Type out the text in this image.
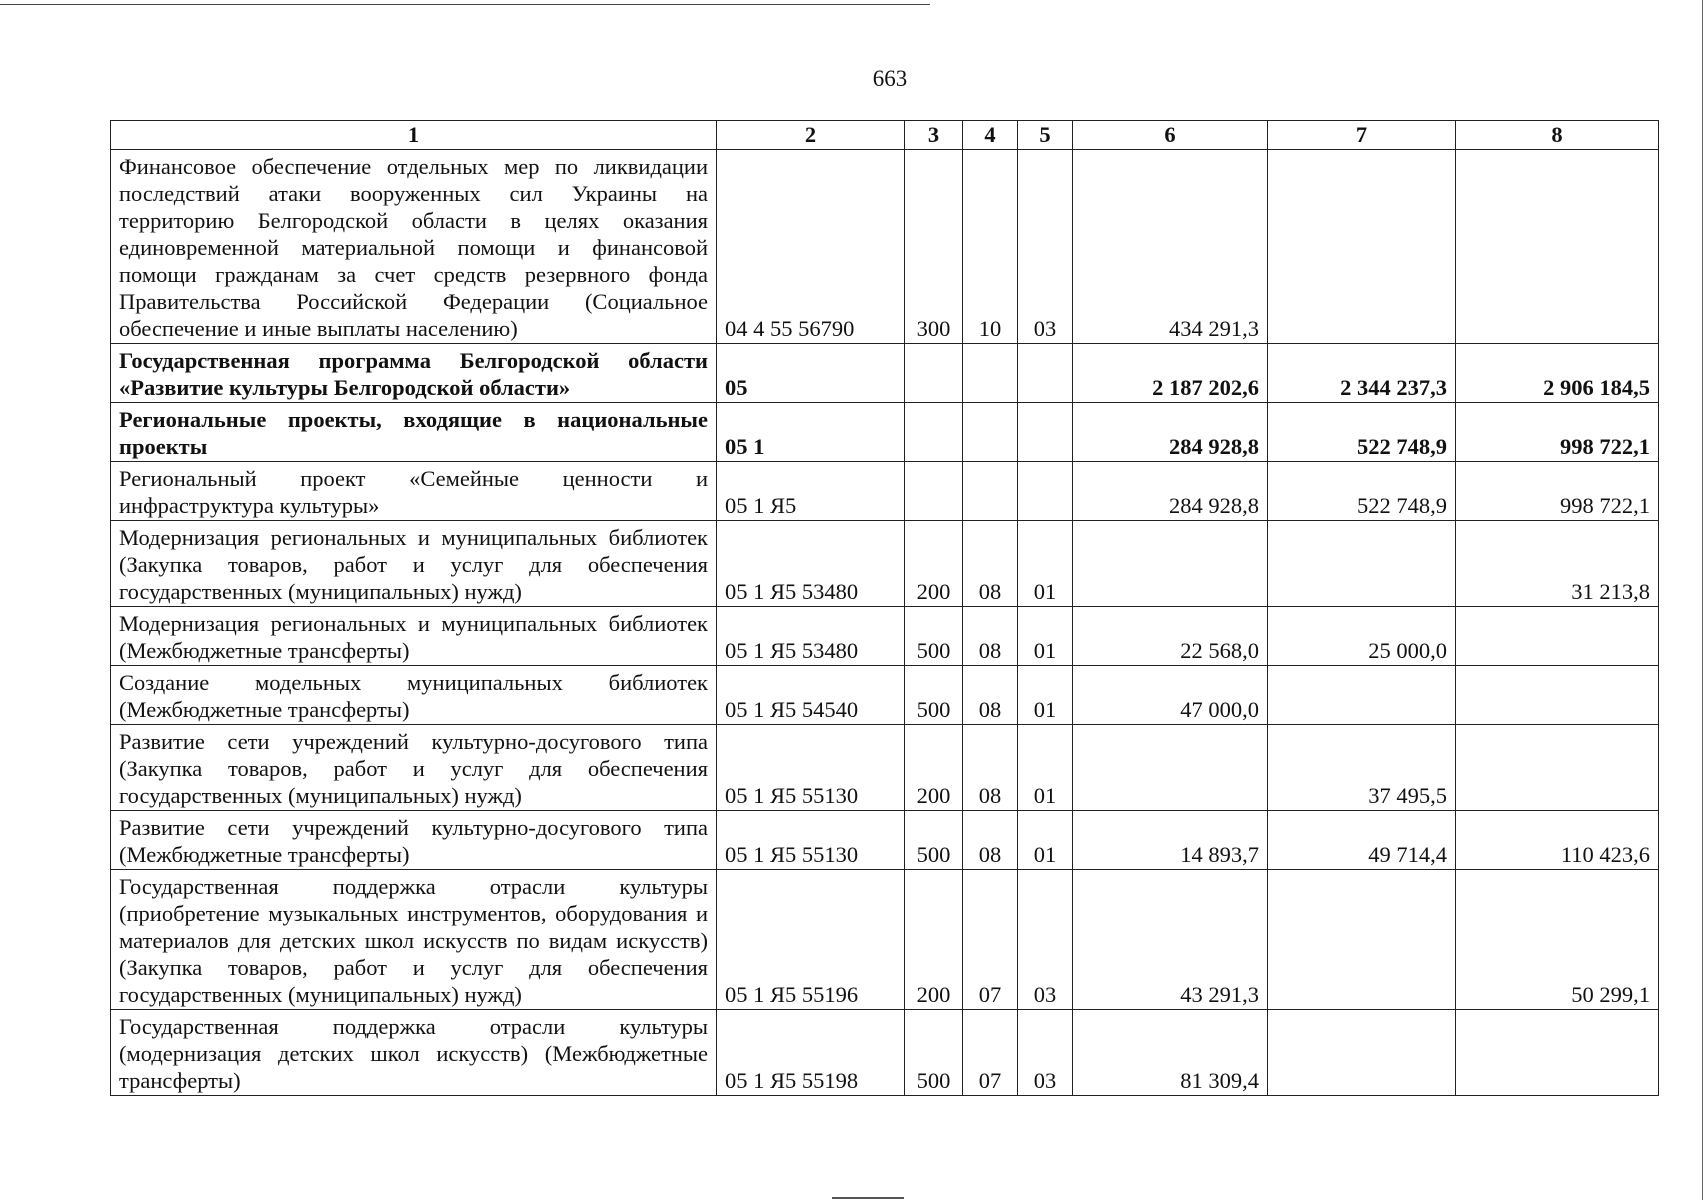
663
1	2	3	4	5	6	7	8
Финансовое обеспечение отдельных мер по ликвидации последствий атаки вооруженных сил Украины на территорию Белгородской области в целях оказания единовременной материальной помощи и финансовой помощи гражданам за счет средств резервного фонда Правительства Российской Федерации (Социальное обеспечение и иные выплаты населению)	04 4 55 56790	300	10	03	434 291,3		
Государственная программа Белгородской области «Развитие культуры Белгородской области»	05				2 187 202,6	2 344 237,3	2 906 184,5
Региональные проекты, входящие в национальные проекты	05 1				284 928,8	522 748,9	998 722,1
Региональный проект «Семейные ценности и инфраструктура культуры»	05 1 Я5				284 928,8	522 748,9	998 722,1
Модернизация региональных и муниципальных библиотек (Закупка товаров, работ и услуг для обеспечения государственных (муниципальных) нужд)	05 1 Я5 53480	200	08	01			31 213,8
Модернизация региональных и муниципальных библиотек (Межбюджетные трансферты)	05 1 Я5 53480	500	08	01	22 568,0	25 000,0	
Создание модельных муниципальных библиотек (Межбюджетные трансферты)	05 1 Я5 54540	500	08	01	47 000,0		
Развитие сети учреждений культурно-досугового типа (Закупка товаров, работ и услуг для обеспечения государственных (муниципальных) нужд)	05 1 Я5 55130	200	08	01		37 495,5	
Развитие сети учреждений культурно-досугового типа (Межбюджетные трансферты)	05 1 Я5 55130	500	08	01	14 893,7	49 714,4	110 423,6
Государственная поддержка отрасли культуры (приобретение музыкальных инструментов, оборудования и материалов для детских школ искусств по видам искусств) (Закупка товаров, работ и услуг для обеспечения государственных (муниципальных) нужд)	05 1 Я5 55196	200	07	03	43 291,3		50 299,1
Государственная поддержка отрасли культуры (модернизация детских школ искусств) (Межбюджетные трансферты)	05 1 Я5 55198	500	07	03	81 309,4		
